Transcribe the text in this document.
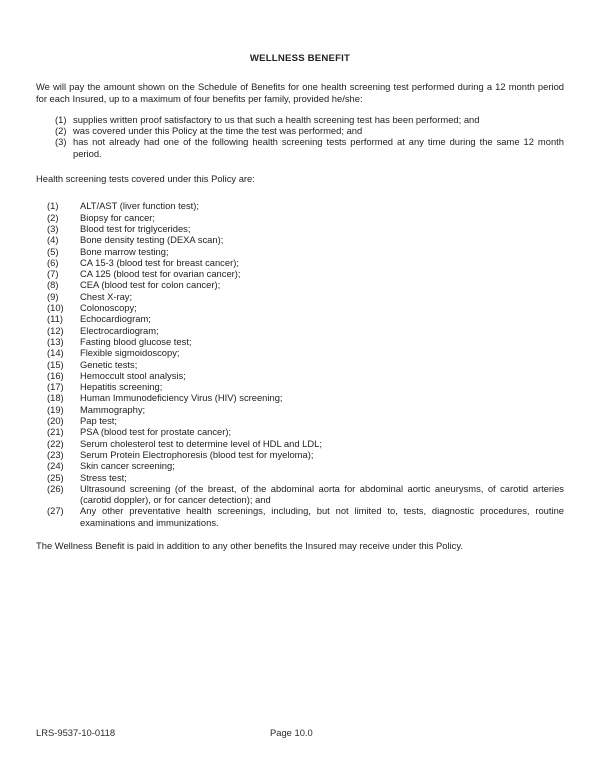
WELLNESS BENEFIT

We will pay the amount shown on the Schedule of Benefits for one health screening test performed during a 12 month period for each Insured, up to a maximum of four benefits per family, provided he/she:

(1) supplies written proof satisfactory to us that such a health screening test has been performed; and
(2) was covered under this Policy at the time the test was performed; and
(3) has not already had one of the following health screening tests performed at any time during the same 12 month period.

Health screening tests covered under this Policy are:

(1)	ALT/AST (liver function test);
(2)	Biopsy for cancer;
(3)	Blood test for triglycerides;
(4)	Bone density testing (DEXA scan);
(5)	Bone marrow testing;
(6)	CA 15-3 (blood test for breast cancer);
(7)	CA 125 (blood test for ovarian cancer);
(8)	CEA (blood test for colon cancer);
(9)	Chest X-ray;
(10)	Colonoscopy;
(11)	Echocardiogram;
(12)	Electrocardiogram;
(13)	Fasting blood glucose test;
(14)	Flexible sigmoidoscopy;
(15)	Genetic tests;
(16)	Hemoccult stool analysis;
(17)	Hepatitis screening;
(18)	Human Immunodeficiency Virus (HIV) screening;
(19)	Mammography;
(20)	Pap test;
(21)	PSA (blood test for prostate cancer);
(22)	Serum cholesterol test to determine level of HDL and LDL;
(23)	Serum Protein Electrophoresis (blood test for myeloma);
(24)	Skin cancer screening;
(25)	Stress test;
(26)	Ultrasound screening (of the breast, of the abdominal aorta for abdominal aortic aneurysms, of carotid arteries (carotid doppler), or for cancer detection); and
(27)	Any other preventative health screenings, including, but not limited to, tests, diagnostic procedures, routine examinations and immunizations.

The Wellness Benefit is paid in addition to any other benefits the Insured may receive under this Policy.

LRS-9537-10-0118	Page 10.0
